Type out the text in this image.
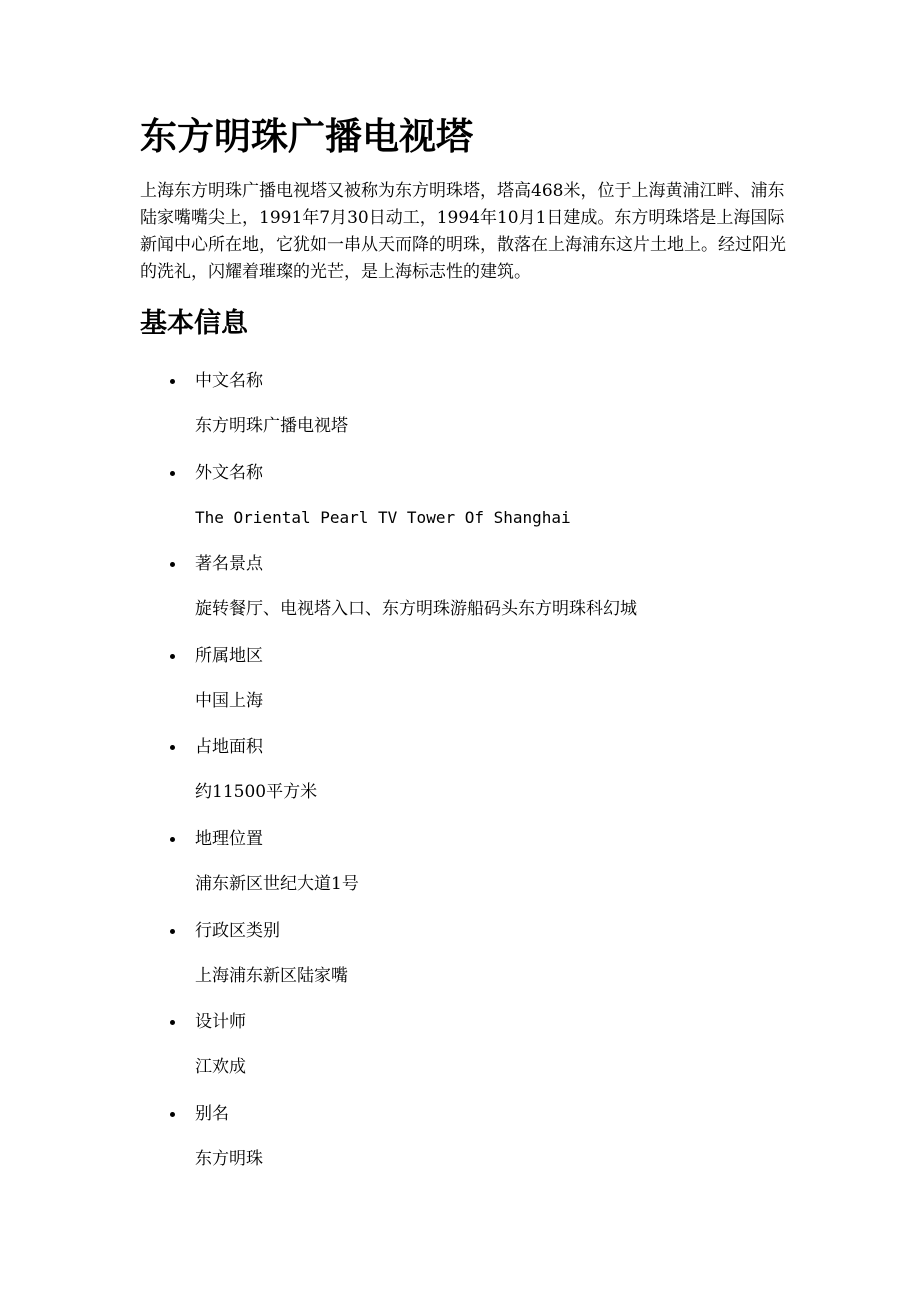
东方明珠广播电视塔

上海东方明珠广播电视塔又被称为东方明珠塔，塔高468米，位于上海黄浦江畔、浦东陆家嘴嘴尖上，1991年7月30日动工，1994年10月1日建成。东方明珠塔是上海国际新闻中心所在地，它犹如一串从天而降的明珠，散落在上海浦东这片土地上。经过阳光的洗礼，闪耀着璀璨的光芒，是上海标志性的建筑。

基本信息
中文名称
东方明珠广播电视塔
外文名称
The Oriental Pearl TV Tower Of Shanghai
著名景点
旋转餐厅、电视塔入口、东方明珠游船码头东方明珠科幻城
所属地区
中国上海
占地面积
约11500平方米
地理位置
浦东新区世纪大道1号
行政区类别
上海浦东新区陆家嘴
设计师
江欢成
别名
东方明珠
